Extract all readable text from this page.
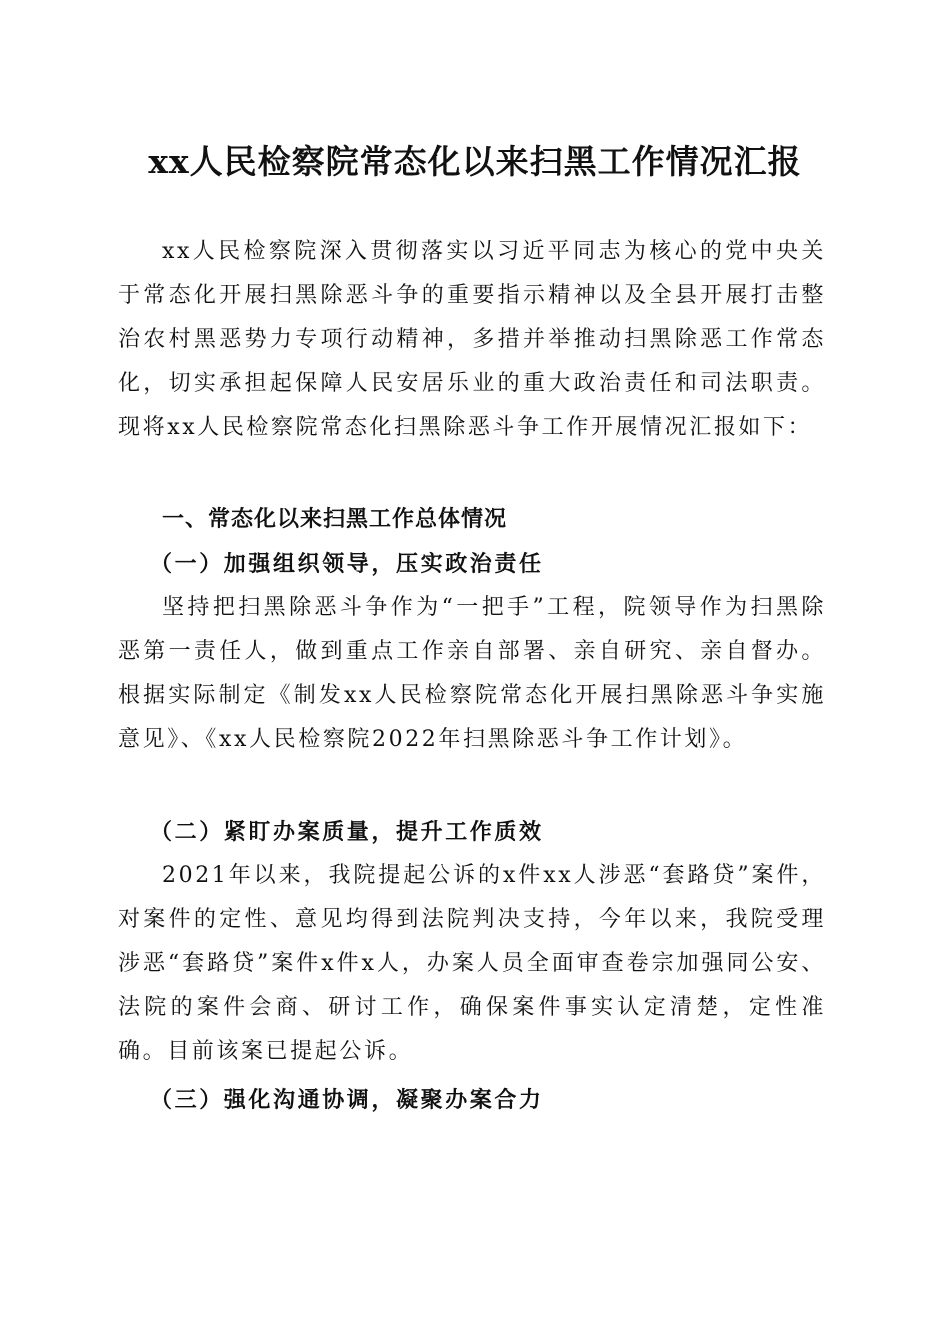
xx人民检察院常态化以来扫黑工作情况汇报

xx人民检察院深入贯彻落实以习近平同志为核心的党中央关于常态化开展扫黑除恶斗争的重要指示精神以及全县开展打击整治农村黑恶势力专项行动精神，多措并举推动扫黑除恶工作常态化，切实承担起保障人民安居乐业的重大政治责任和司法职责。现将xx人民检察院常态化扫黑除恶斗争工作开展情况汇报如下：

一、常态化以来扫黑工作总体情况
（一）加强组织领导，压实政治责任

坚持把扫黑除恶斗争作为“一把手”工程，院领导作为扫黑除恶第一责任人，做到重点工作亲自部署、亲自研究、亲自督办。根据实际制定《制发xx人民检察院常态化开展扫黑除恶斗争实施意见》、《xx人民检察院2022年扫黑除恶斗争工作计划》。

（二）紧盯办案质量，提升工作质效

2021年以来，我院提起公诉的x件xx人涉恶“套路贷”案件，对案件的定性、意见均得到法院判决支持，今年以来，我院受理涉恶“套路贷”案件x件x人，办案人员全面审查卷宗加强同公安、法院的案件会商、研讨工作，确保案件事实认定清楚，定性准确。目前该案已提起公诉。

（三）强化沟通协调，凝聚办案合力
